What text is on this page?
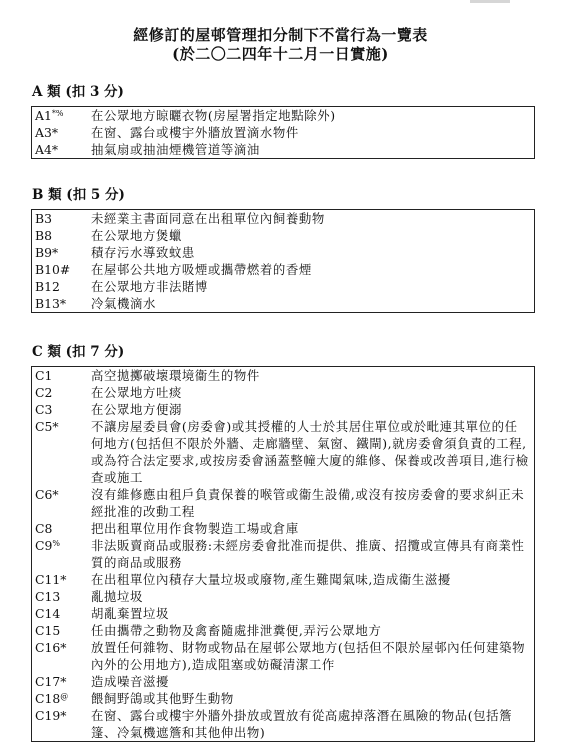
經修訂的屋邨管理扣分制下不當行為一覽表
(於二〇二四年十二月一日實施)
A 類 (扣 3 分)
A1*%	在公眾地方晾曬衣物(房屋署指定地點除外)
A3*	在窗、露台或樓宇外牆放置滴水物件
A4*	抽氣扇或抽油煙機管道等滴油
B 類 (扣 5 分)
B3	未經業主書面同意在出租單位內飼養動物
B8	在公眾地方煲蠟
B9*	積存污水導致蚊患
B10#	在屋邨公共地方吸煙或攜帶燃着的香煙
B12	在公眾地方非法賭博
B13*	冷氣機滴水
C 類 (扣 7 分)
C1	高空拋擲破壞環境衞生的物件
C2	在公眾地方吐痰
C3	在公眾地方便溺
C5*	不讓房屋委員會(房委會)或其授權的人士於其居住單位或於毗連其單位的任何地方(包括但不限於外牆、走廊牆壁、氣窗、鐵閘),就房委會須負責的工程,或為符合法定要求,或按房委會涵蓋整幢大廈的維修、保養或改善項目,進行檢查或施工
C6*	沒有維修應由租戶負責保養的喉管或衞生設備,或沒有按房委會的要求糾正未經批准的改動工程
C8	把出租單位用作食物製造工場或倉庫
C9%	非法販賣商品或服務:未經房委會批准而提供、推廣、招攬或宣傳具有商業性質的商品或服務
C11*	在出租單位內積存大量垃圾或廢物,產生難聞氣味,造成衞生滋擾
C13	亂拋垃圾
C14	胡亂棄置垃圾
C15	任由攜帶之動物及禽畜隨處排泄糞便,弄污公眾地方
C16*	放置任何雜物、財物或物品在屋邨公眾地方(包括但不限於屋邨內任何建築物內外的公用地方),造成阻塞或妨礙清潔工作
C17*	造成噪音滋擾
C18@	餵飼野鴿或其他野生動物
C19*	在窗、露台或樓宇外牆外掛放或置放有從高處掉落潛在風險的物品(包括簷篷、冷氣機遮簷和其他伸出物)
